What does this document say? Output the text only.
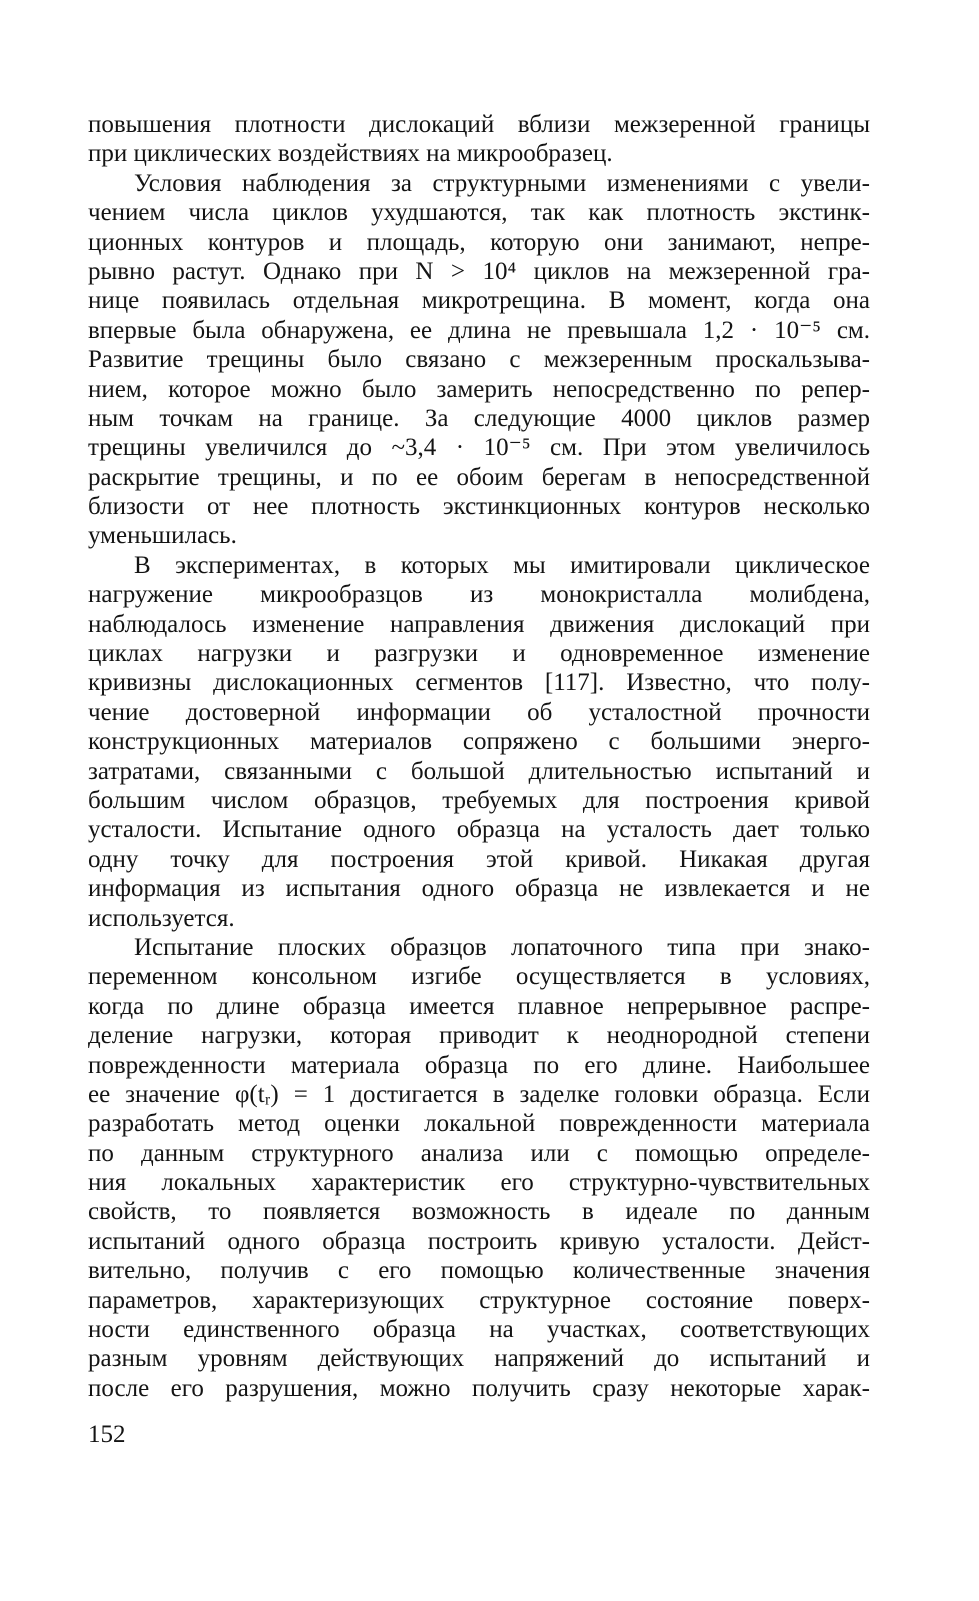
повышения плотности дислокаций вблизи межзеренной границы
при циклических воздействиях на микрообразец.
Условия наблюдения за структурными изменениями с увели-
чением числа циклов ухудшаются, так как плотность экстинк-
ционных контуров и площадь, которую они занимают, непре-
рывно растут. Однако при N > 10⁴ циклов на межзеренной гра-
нице появилась отдельная микротрещина. В момент, когда она
впервые была обнаружена, ее длина не превышала 1,2 · 10⁻⁵ см.
Развитие трещины было связано с межзеренным проскальзыва-
нием, которое можно было замерить непосредственно по репер-
ным точкам на границе. За следующие 4000 циклов размер
трещины увеличился до ~3,4 · 10⁻⁵ см. При этом увеличилось
раскрытие трещины, и по ее обоим берегам в непосредственной
близости от нее плотность экстинкционных контуров несколько
уменьшилась.
В экспериментах, в которых мы имитировали циклическое
нагружение микрообразцов из монокристалла молибдена,
наблюдалось изменение направления движения дислокаций при
циклах нагрузки и разгрузки и одновременное изменение
кривизны дислокационных сегментов [117]. Известно, что полу-
чение достоверной информации об усталостной прочности
конструкционных материалов сопряжено с большими энерго-
затратами, связанными с большой длительностью испытаний и
большим числом образцов, требуемых для построения кривой
усталости. Испытание одного образца на усталость дает только
одну точку для построения этой кривой. Никакая другая
информация из испытания одного образца не извлекается и не
используется.
Испытание плоских образцов лопаточного типа при знако-
переменном консольном изгибе осуществляется в условиях,
когда по длине образца имеется плавное непрерывное распре-
деление нагрузки, которая приводит к неоднородной степени
поврежденности материала образца по его длине. Наибольшее
ее значение φ(tᵣ) = 1 достигается в заделке головки образца. Если
разработать метод оценки локальной поврежденности материала
по данным структурного анализа или с помощью определе-
ния локальных характеристик его структурно-чувствительных
свойств, то появляется возможность в идеале по данным
испытаний одного образца построить кривую усталости. Дейст-
вительно, получив с его помощью количественные значения
параметров, характеризующих структурное состояние поверх-
ности единственного образца на участках, соответствующих
разным уровням действующих напряжений до испытаний и
после его разрушения, можно получить сразу некоторые харак-
152
